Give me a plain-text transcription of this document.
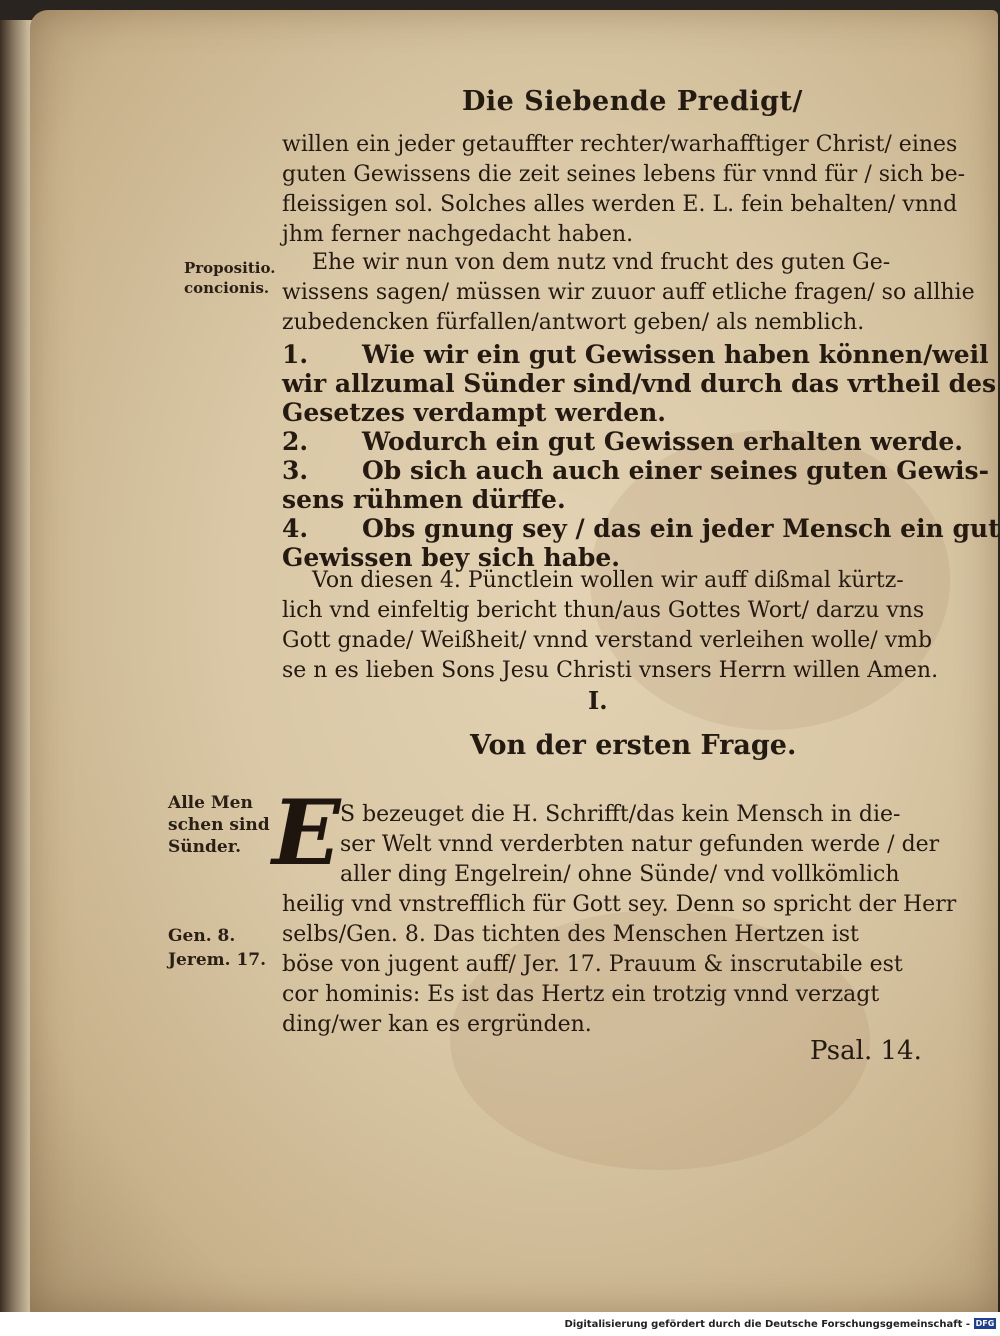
Die Siebende Predigt/
willen ein jeder getauffter rechter/warhafftiger Christ/ eines
guten Gewissens die zeit seines lebens für vnnd für / sich be-
fleissigen sol. Solches alles werden E. L. fein behalten/ vnnd
jhm ferner nachgedacht haben.
Propositio.
concionis.
Ehe wir nun von dem nutz vnd frucht des guten Ge-
wissens sagen/ müssen wir zuuor auff etliche fragen/ so allhie
zubedencken fürfallen/antwort geben/ als nemblich.
1. Wie wir ein gut Gewissen haben können/weil
wir allzumal Sünder sind/vnd durch das vrtheil des
Gesetzes verdampt werden.
2. Wodurch ein gut Gewissen erhalten werde.
3. Ob sich auch auch einer seines guten Gewis-
sens rühmen dürffe.
4. Obs gnung sey / das ein jeder Mensch ein gut
Gewissen bey sich habe.
Von diesen 4. Pünctlein wollen wir auff dißmal kürtz-
lich vnd einfeltig bericht thun/aus Gottes Wort/ darzu vns
Gott gnade/ Weißheit/ vnnd verstand verleihen wolle/ vmb
se n es lieben Sons Jesu Christi vnsers Herrn willen Amen.
I.
Von der ersten Frage.
Alle Men
schen sind
Sünder.
Gen. 8.
Jerem. 17.
E S bezeuget die H. Schrifft/das kein Mensch in die-
ser Welt vnnd verderbten natur gefunden werde / der
aller ding Engelrein/ ohne Sünde/ vnd vollkömlich
heilig vnd vnstrefflich für Gott sey. Denn so spricht der Herr
selbs/Gen. 8. Das tichten des Menschen Hertzen ist
böse von jugent auff/ Jer. 17. Prauum & inscrutabile est
cor hominis: Es ist das Hertz ein trotzig vnnd verzagt
ding/wer kan es ergründen.
Psal. 14.
Digitalisierung gefördert durch die Deutsche Forschungsgemeinschaft - DFG
